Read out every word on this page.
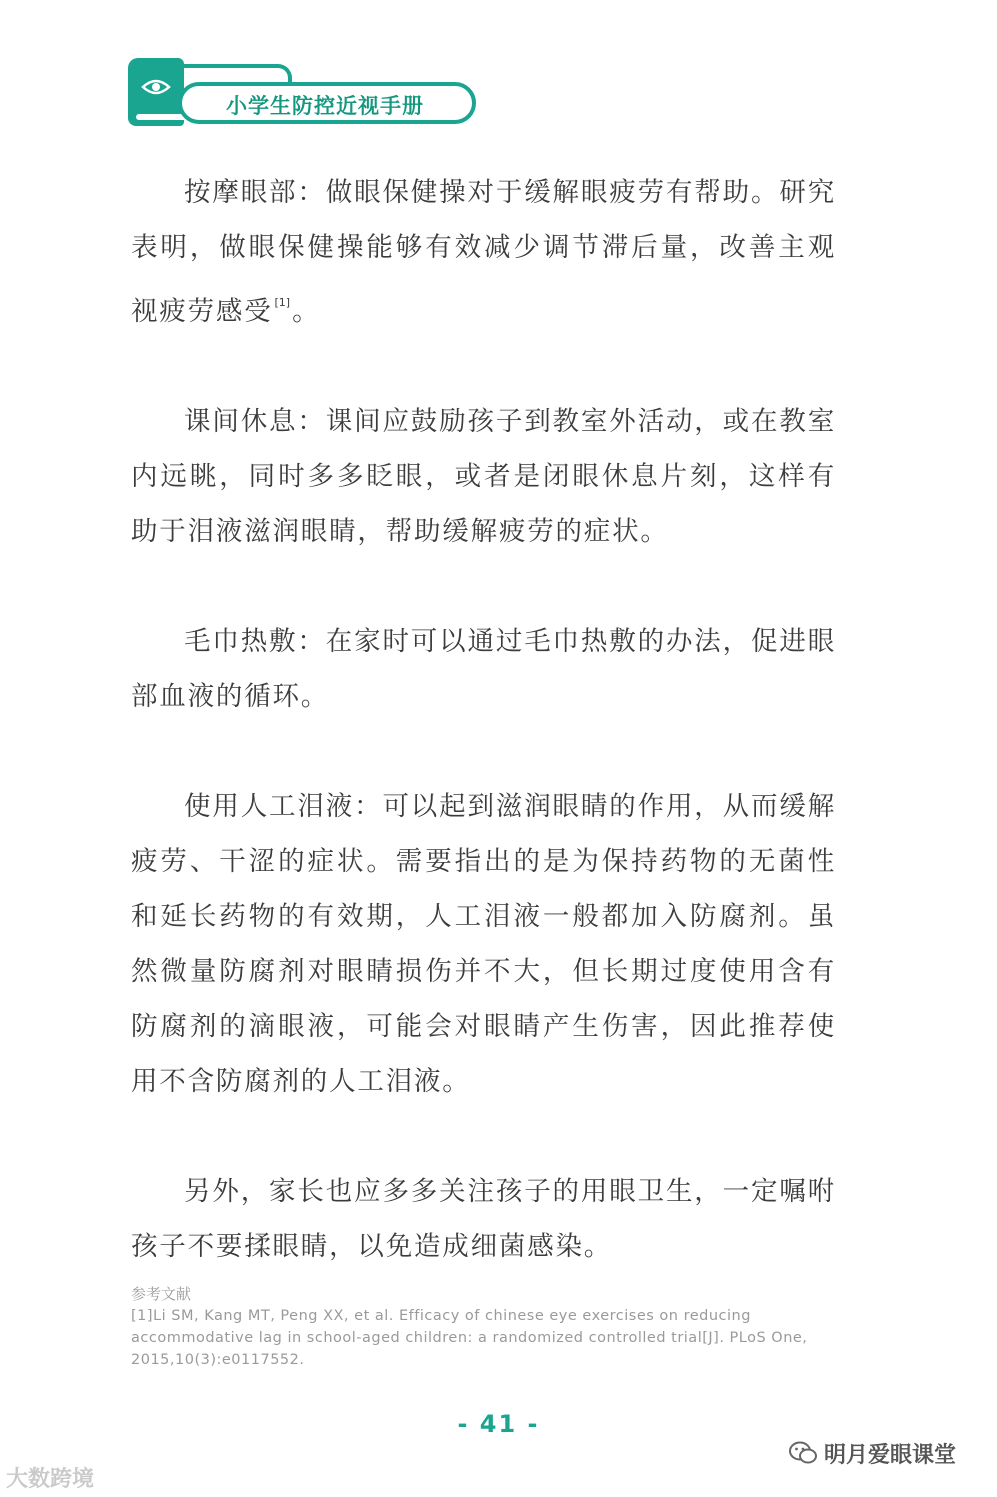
小学生防控近视手册

按摩眼部：做眼保健操对于缓解眼疲劳有帮助。研究表明，做眼保健操能够有效减少调节滞后量，改善主观视疲劳感受 [1]。

课间休息：课间应鼓励孩子到教室外活动，或在教室内远眺，同时多多眨眼，或者是闭眼休息片刻，这样有助于泪液滋润眼睛，帮助缓解疲劳的症状。

毛巾热敷：在家时可以通过毛巾热敷的办法，促进眼部血液的循环。

使用人工泪液：可以起到滋润眼睛的作用，从而缓解疲劳、干涩的症状。需要指出的是为保持药物的无菌性和延长药物的有效期，人工泪液一般都加入防腐剂。虽然微量防腐剂对眼睛损伤并不大，但长期过度使用含有防腐剂的滴眼液，可能会对眼睛产生伤害，因此推荐使用不含防腐剂的人工泪液。

另外，家长也应多多关注孩子的用眼卫生，一定嘱咐孩子不要揉眼睛，以免造成细菌感染。

参考文献

[1]Li SM, Kang MT, Peng XX, et al. Efficacy of chinese eye exercises on reducing accommodative lag in school-aged children: a randomized controlled trial[J]. PLoS One, 2015,10(3):e0117552.

- 41 -
大数跨境
明月爱眼课堂
